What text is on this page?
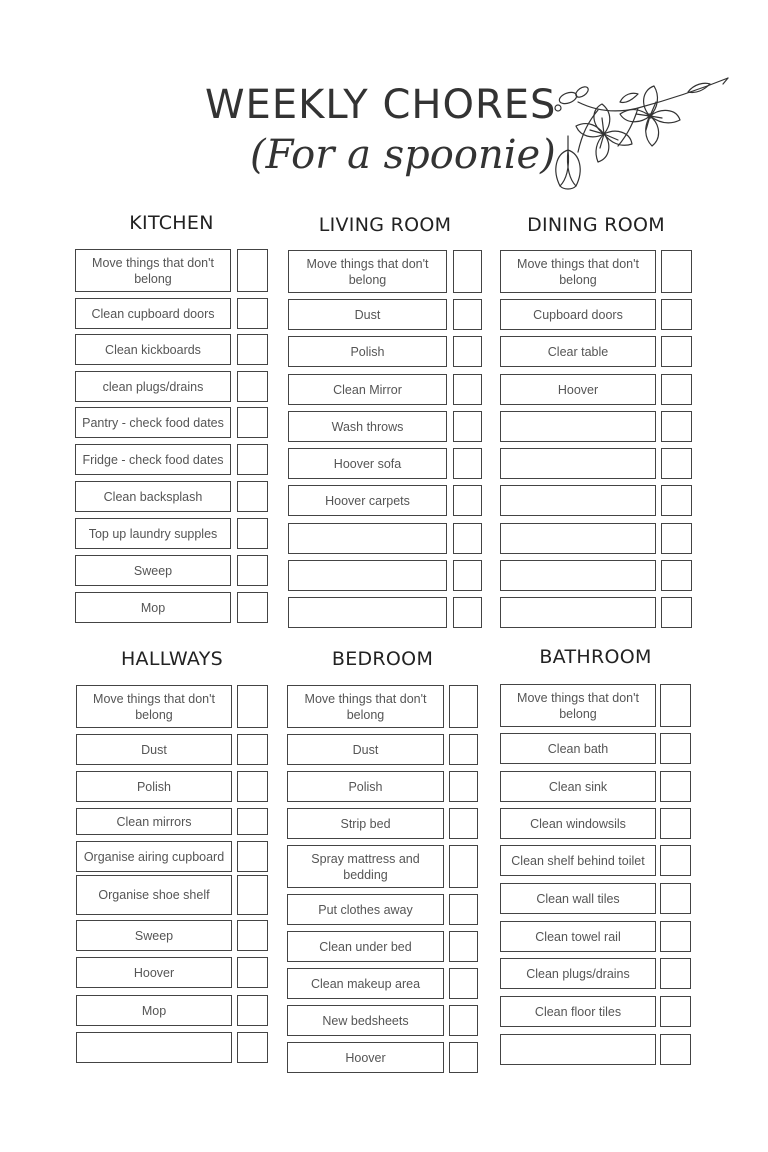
WEEKLY CHORES
(For a spoonie)
KITCHEN
Move things that don't belong
Clean cupboard doors
Clean kickboards
clean plugs/drains
Pantry - check food dates
Fridge - check food dates
Clean backsplash
Top up laundry supples
Sweep
Mop
LIVING ROOM
Move things that don't belong
Dust
Polish
Clean Mirror
Wash throws
Hoover sofa
Hoover carpets
DINING ROOM
Move things that don't belong
Cupboard doors
Clear table
Hoover
HALLWAYS
Move things that don't belong
Dust
Polish
Clean mirrors
Organise airing cupboard
Organise shoe shelf
Sweep
Hoover
Mop
BEDROOM
Move things that don't belong
Dust
Polish
Strip bed
Spray mattress and bedding
Put clothes away
Clean under bed
Clean makeup area
New bedsheets
Hoover
BATHROOM
Move things that don't belong
Clean bath
Clean sink
Clean windowsils
Clean shelf behind toilet
Clean wall tiles
Clean towel rail
Clean plugs/drains
Clean floor tiles
